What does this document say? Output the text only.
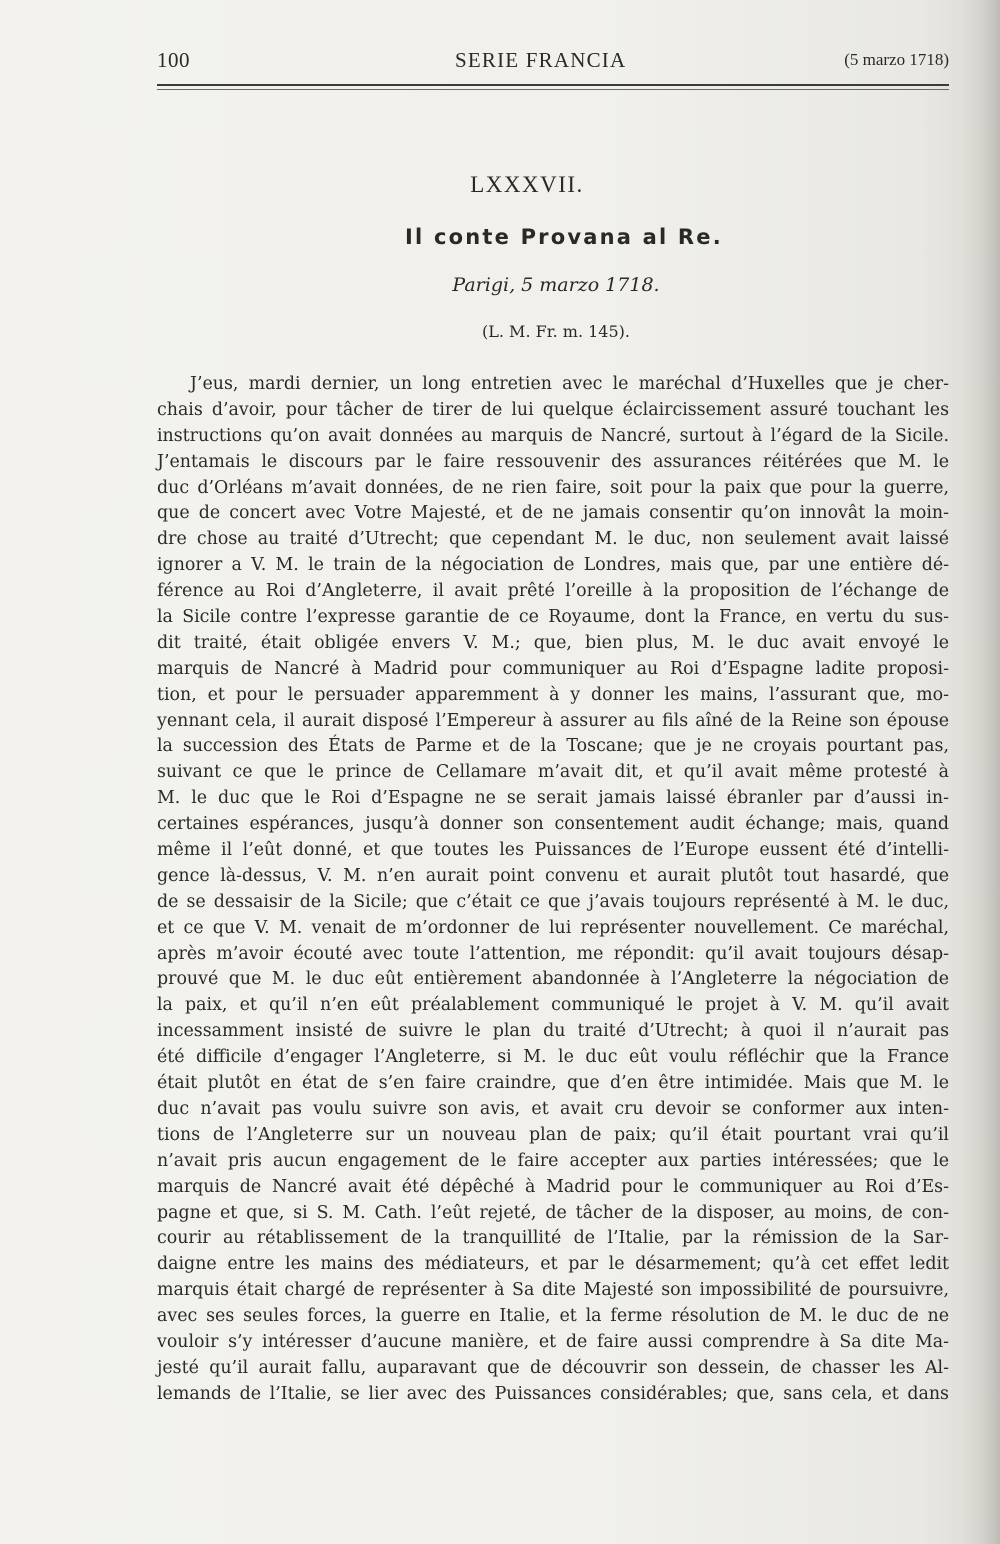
100	SERIE FRANCIA	(5 marzo 1718)
LXXXVII.
Il conte Provana al Re.
Parigi, 5 marzo 1718.
(L. M. Fr. m. 145).
J’eus, mardi dernier, un long entretien avec le maréchal d’Huxelles que je cher-
chais d’avoir, pour tâcher de tirer de lui quelque éclaircissement assuré touchant les
instructions qu’on avait données au marquis de Nancré, surtout à l’égard de la Sicile.
J’entamais le discours par le faire ressouvenir des assurances réitérées que M. le
duc d’Orléans m’avait données, de ne rien faire, soit pour la paix que pour la guerre,
que de concert avec Votre Majesté, et de ne jamais consentir qu’on innovât la moin-
dre chose au traité d’Utrecht; que cependant M. le duc, non seulement avait laissé
ignorer a V. M. le train de la négociation de Londres, mais que, par une entière dé-
férence au Roi d’Angleterre, il avait prêté l’oreille à la proposition de l’échange de
la Sicile contre l’expresse garantie de ce Royaume, dont la France, en vertu du sus-
dit traité, était obligée envers V. M.; que, bien plus, M. le duc avait envoyé le
marquis de Nancré à Madrid pour communiquer au Roi d’Espagne ladite proposi-
tion, et pour le persuader apparemment à y donner les mains, l’assurant que, mo-
yennant cela, il aurait disposé l’Empereur à assurer au fils aîné de la Reine son épouse
la succession des États de Parme et de la Toscane; que je ne croyais pourtant pas,
suivant ce que le prince de Cellamare m’avait dit, et qu’il avait même protesté à
M. le duc que le Roi d’Espagne ne se serait jamais laissé ébranler par d’aussi in-
certaines espérances, jusqu’à donner son consentement audit échange; mais, quand
même il l’eût donné, et que toutes les Puissances de l’Europe eussent été d’intelli-
gence là-dessus, V. M. n’en aurait point convenu et aurait plutôt tout hasardé, que
de se dessaisir de la Sicile; que c’était ce que j’avais toujours représenté à M. le duc,
et ce que V. M. venait de m’ordonner de lui représenter nouvellement. Ce maréchal,
après m’avoir écouté avec toute l’attention, me répondit: qu’il avait toujours désap-
prouvé que M. le duc eût entièrement abandonnée à l’Angleterre la négociation de
la paix, et qu’il n’en eût préalablement communiqué le projet à V. M. qu’il avait
incessamment insisté de suivre le plan du traité d’Utrecht; à quoi il n’aurait pas
été difficile d’engager l’Angleterre, si M. le duc eût voulu réfléchir que la France
était plutôt en état de s’en faire craindre, que d’en être intimidée. Mais que M. le
duc n’avait pas voulu suivre son avis, et avait cru devoir se conformer aux inten-
tions de l’Angleterre sur un nouveau plan de paix; qu’il était pourtant vrai qu’il
n’avait pris aucun engagement de le faire accepter aux parties intéressées; que le
marquis de Nancré avait été dépêché à Madrid pour le communiquer au Roi d’Es-
pagne et que, si S. M. Cath. l’eût rejeté, de tâcher de la disposer, au moins, de con-
courir au rétablissement de la tranquillité de l’Italie, par la rémission de la Sar-
daigne entre les mains des médiateurs, et par le désarmement; qu’à cet effet ledit
marquis était chargé de représenter à Sa dite Majesté son impossibilité de poursuivre,
avec ses seules forces, la guerre en Italie, et la ferme résolution de M. le duc de ne
vouloir s’y intéresser d’aucune manière, et de faire aussi comprendre à Sa dite Ma-
jesté qu’il aurait fallu, auparavant que de découvrir son dessein, de chasser les Al-
lemands de l’Italie, se lier avec des Puissances considérables; que, sans cela, et dans
